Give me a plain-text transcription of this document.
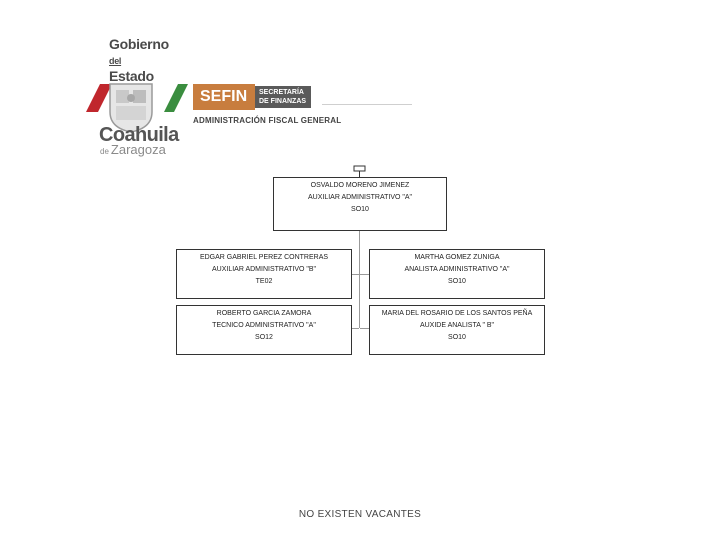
Gobierno
del
Estado
Coahuila
de Zaragoza
SEFIN	SECRETARÍA
DE FINANZAS
ADMINISTRACIÓN FISCAL GENERAL
OSVALDO MORENO JIMENEZ
AUXILIAR ADMINISTRATIVO "A"
SO10
EDGAR GABRIEL PEREZ CONTRERAS
AUXILIAR ADMINISTRATIVO "B"
TE02
MARTHA GOMEZ ZUNIGA
ANALISTA ADMINISTRATIVO "A"
SO10
ROBERTO GARCIA ZAMORA
TECNICO ADMINISTRATIVO "A"
SO12
MARIA DEL ROSARIO DE LOS SANTOS PEÑA
AUXIDE ANALISTA " B"
SO10
NO EXISTEN VACANTES
